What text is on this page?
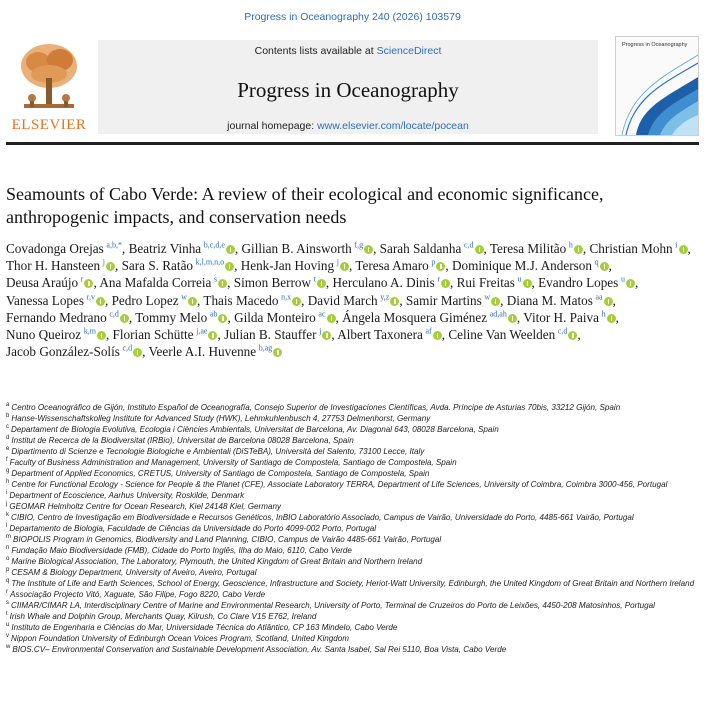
Progress in Oceanography 240 (2026) 103579
ELSEVIER
Contents lists available at ScienceDirect
Progress in Oceanography
journal homepage: www.elsevier.com/locate/pocean
Progress in Oceanography
Seamounts of Cabo Verde: A review of their ecological and economic significance, anthropogenic impacts, and conservation needs
Covadonga Orejas  $^{a,b,*}$, Beatriz Vinha  $^{b,c,d,e}$ , Gillian B. Ainsworth  $^{f,g}$ , Sarah Saldanha  $^{c,d}$ , Teresa Militão  $^h$ , Christian Mohn  $^i$ , Thor H. Hansteen  $^j$ , Sara S. Ratão  $^{k,l,m,n,o}$ , Henk-Jan Hoving  $^j$ , Teresa Amaro  $^p$ , Dominique M.J. Anderson  $^q$ , Deusa Araújo  $^r$ , Ana Mafalda Correia  $^s$ , Simon Berrow  $^t$ , Herculano A. Dinis  $^r$ , Rui Freitas  $^u$ , Evandro Lopes  $^u$ , Vanessa Lopes  $^{r,v}$ , Pedro Lopez  $^w$ , Thais Macedo  $^{n,x}$ , David March  $^{y,z}$ , Samir Martins  $^w$ , Diana M. Matos  $^{aa}$ , Fernando Medrano  $^{c,d}$ , Tommy Melo  $^{ab}$ , Gilda Monteiro  $^{ac}$ , Ángela Mosquera Giménez  $^{ad,ah}$ , Vitor H. Paiva  $^h$ , Nuno Queiroz  $^{k,m}$ , Florian Schütte  $^{j,ae}$ , Julian B. Stauffer  $^j$ , Albert Taxonera  $^{af}$ , Celine Van Weelden  $^{c,d}$ , Jacob González-Solís  $^{c,d}$ , Veerle A.I. Huvenne  $^{b,ag}$
$^a$ Centro Oceanográfico de Gijón, Instituto Español de Oceanografía, Consejo Superior de Investigaciones Científicas, Avda. Príncipe de Asturias 70bis, 33212 Gijón, Spain
$^b$ Hanse-Wissenschaftskolleg Institute for Advanced Study (HWK), Lehmkuhlenbusch 4, 27753 Delmenhorst, Germany
$^c$ Departament de Biologia Evolutiva, Ecologia i Ciències Ambientals, Universitat de Barcelona, Av. Diagonal 643, 08028 Barcelona, Spain
$^d$ Institut de Recerca de la Biodiversitat (IRBio), Universitat de Barcelona 08028 Barcelona, Spain
$^e$ Dipartimento di Scienze e Tecnologie Biologiche e Ambientali (DiSTeBA), Università del Salento, 73100 Lecce, Italy
$^f$ Faculty of Business Administration and Management, University of Santiago de Compostela, Santiago de Compostela, Spain
$^g$ Department of Applied Economics, CRETUS, University of Santiago de Compostela, Santiago de Compostela, Spain
$^h$ Centre for Functional Ecology - Science for People & the Planet (CFE), Associate Laboratory TERRA, Department of Life Sciences, University of Coimbra, Coimbra 3000-456, Portugal
$^i$ Department of Ecoscience, Aarhus University, Roskilde, Denmark
$^j$ GEOMAR Helmholtz Centre for Ocean Research, Kiel 24148 Kiel, Germany
$^k$ CIBIO, Centro de Investigação em Biodiversidade e Recursos Genéticos, InBIO Laboratório Associado, Campus de Vairão, Universidade do Porto, 4485-661 Vairão, Portugal
$^l$ Departamento de Biologia, Faculdade de Ciências da Universidade do Porto 4099-002 Porto, Portugal
$^m$ BIOPOLIS Program in Genomics, Biodiversity and Land Planning, CIBIO, Campus de Vairão 4485-661 Vairão, Portugal
$^n$ Fundação Maio Biodiversidade (FMB), Cidade do Porto Inglês, Ilha do Maio, 6110, Cabo Verde
$^o$ Marine Biological Association, The Laboratory, Plymouth, the United Kingdom of Great Britain and Northern Ireland
$^p$ CESAM & Biology Department, University of Aveiro, Aveiro, Portugal
$^q$ The Institute of Life and Earth Sciences, School of Energy, Geoscience, Infrastructure and Society, Heriot-Watt University, Edinburgh, the United Kingdom of Great Britain and Northern Ireland
$^r$ Associação Projecto Vitó, Xaguate, São Filipe, Fogo 8220, Cabo Verde
$^s$ CIIMAR/CIMAR LA, Interdisciplinary Centre of Marine and Environmental Research, University of Porto, Terminal de Cruzeiros do Porto de Leixões, 4450-208 Matosinhos, Portugal
$^t$ Irish Whale and Dolphin Group, Merchants Quay, Kilrush, Co Clare V15 E762, Ireland
$^u$ Instituto de Engenharia e Ciências do Mar, Universidade Técnica do Atlântico, CP 163 Mindelo, Cabo Verde
$^v$ Nippon Foundation University of Edinburgh Ocean Voices Program, Scotland, United Kingdom
$^w$ BIOS.CV– Environmental Conservation and Sustainable Development Association, Av. Santa Isabel, Sal Rei 5110, Boa Vista, Cabo Verde
